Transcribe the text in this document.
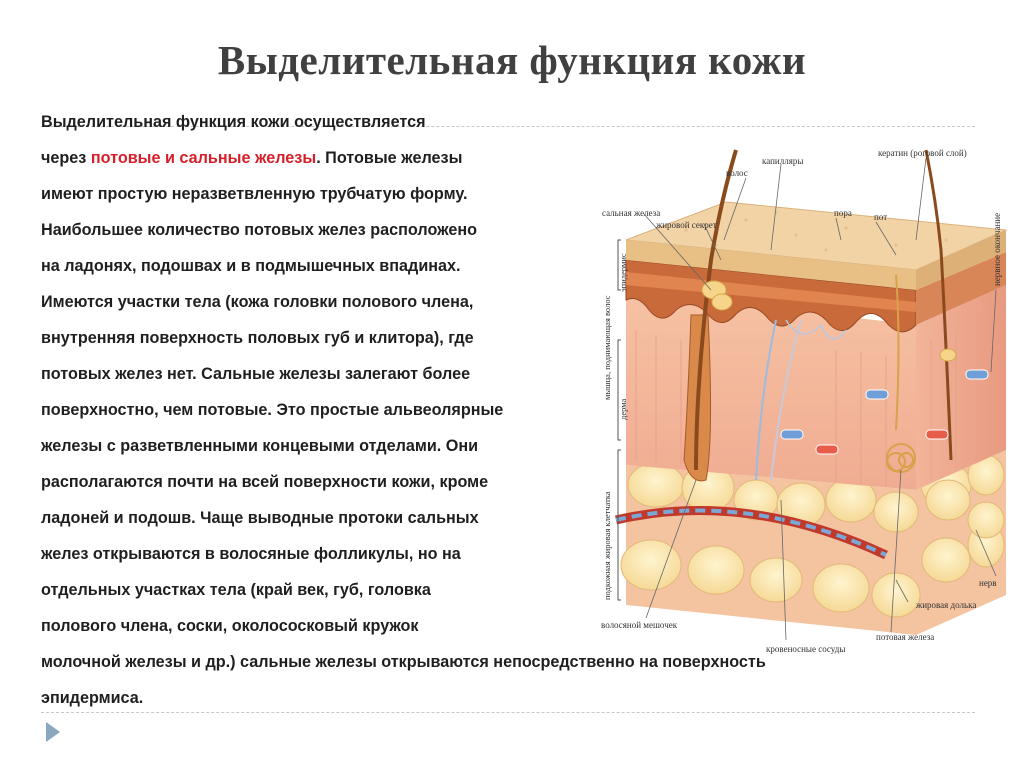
Выделительная функция кожи
сальная железа
жировой секрет
капилляры
волос
кератин (роговой слой)
пора пот	нервное окончание
мышца, поднимающая волос
эпидермис
дерма
подкожная жировая клетчатка	нерв
жировая долька
волосяной мешочек
потовая железа
кровеносные сосуды
Выделительная функция кожи осуществляется
через потовые и сальные железы. Потовые железы
имеют простую неразветвленную трубчатую форму.
Наибольшее количество потовых желез расположено
на ладонях, подошвах и в подмышечных впадинах.
Имеются участки тела (кожа головки полового члена,
внутренняя поверхность половых губ и клитора), где
потовых желез нет. Сальные железы залегают более
поверхностно, чем потовые. Это простые альвеолярные
железы с разветвленными концевыми отделами. Они
располагаются почти на всей поверхности кожи, кроме
ладоней и подошв. Чаще выводные протоки сальных
желез открываются в волосяные фолликулы, но на
отдельных участках тела (край век, губ, головка
полового члена, соски, околососковый кружок
молочной железы и др.) сальные железы открываются непосредственно на поверхность
эпидермиса.
